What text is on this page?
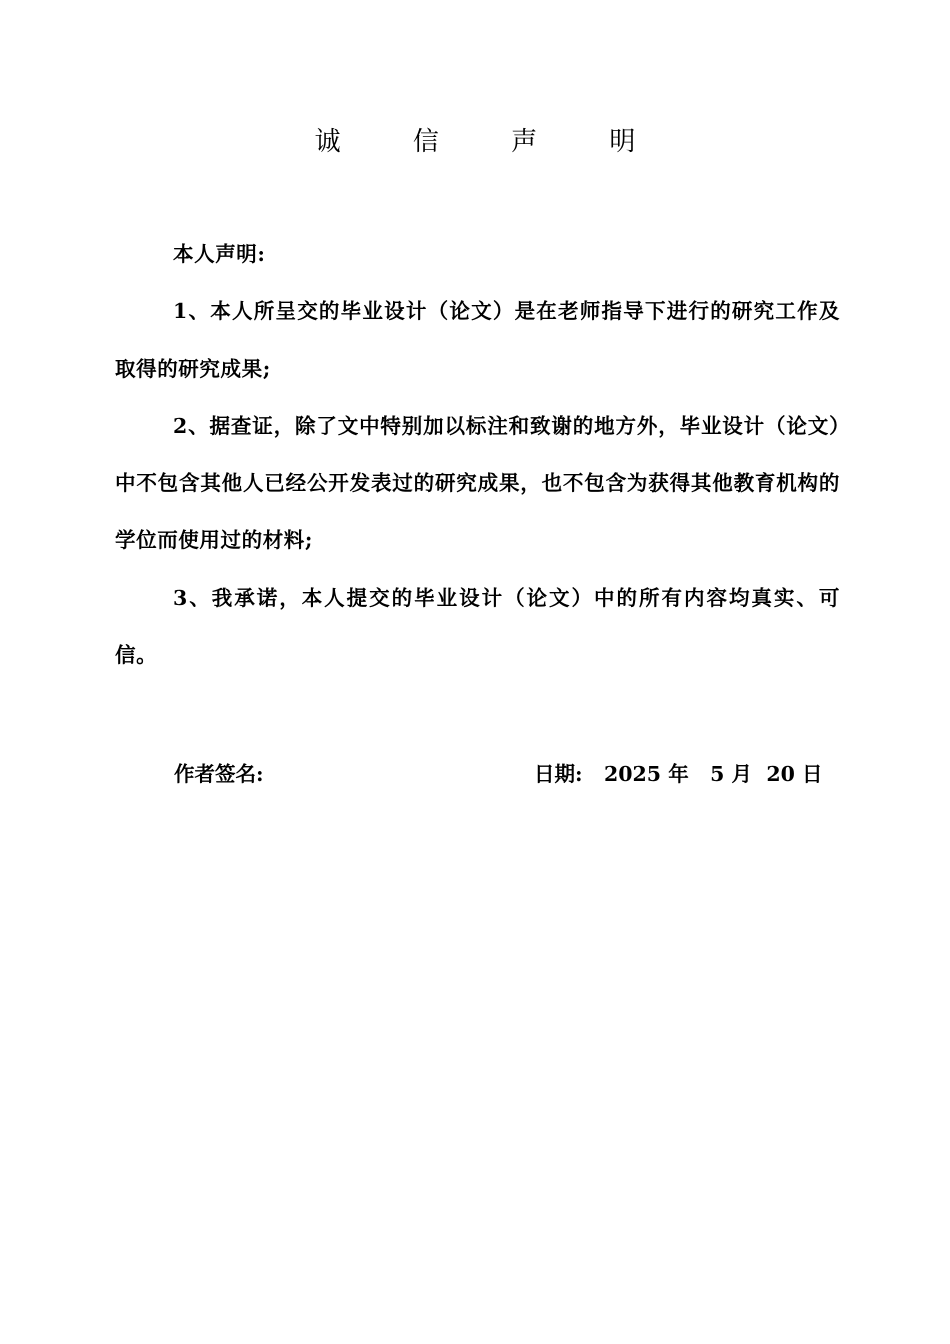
诚 信 声 明

本人声明:

1、本人所呈交的毕业设计（论文）是在老师指导下进行的研究工作及取得的研究成果;

2、据查证，除了文中特别加以标注和致谢的地方外，毕业设计（论文）中不包含其他人已经公开发表过的研究成果，也不包含为获得其他教育机构的学位而使用过的材料;

3、我承诺，本人提交的毕业设计（论文）中的所有内容均真实、可信。

作者签名:	日期: 2025 年 5 月 20 日
